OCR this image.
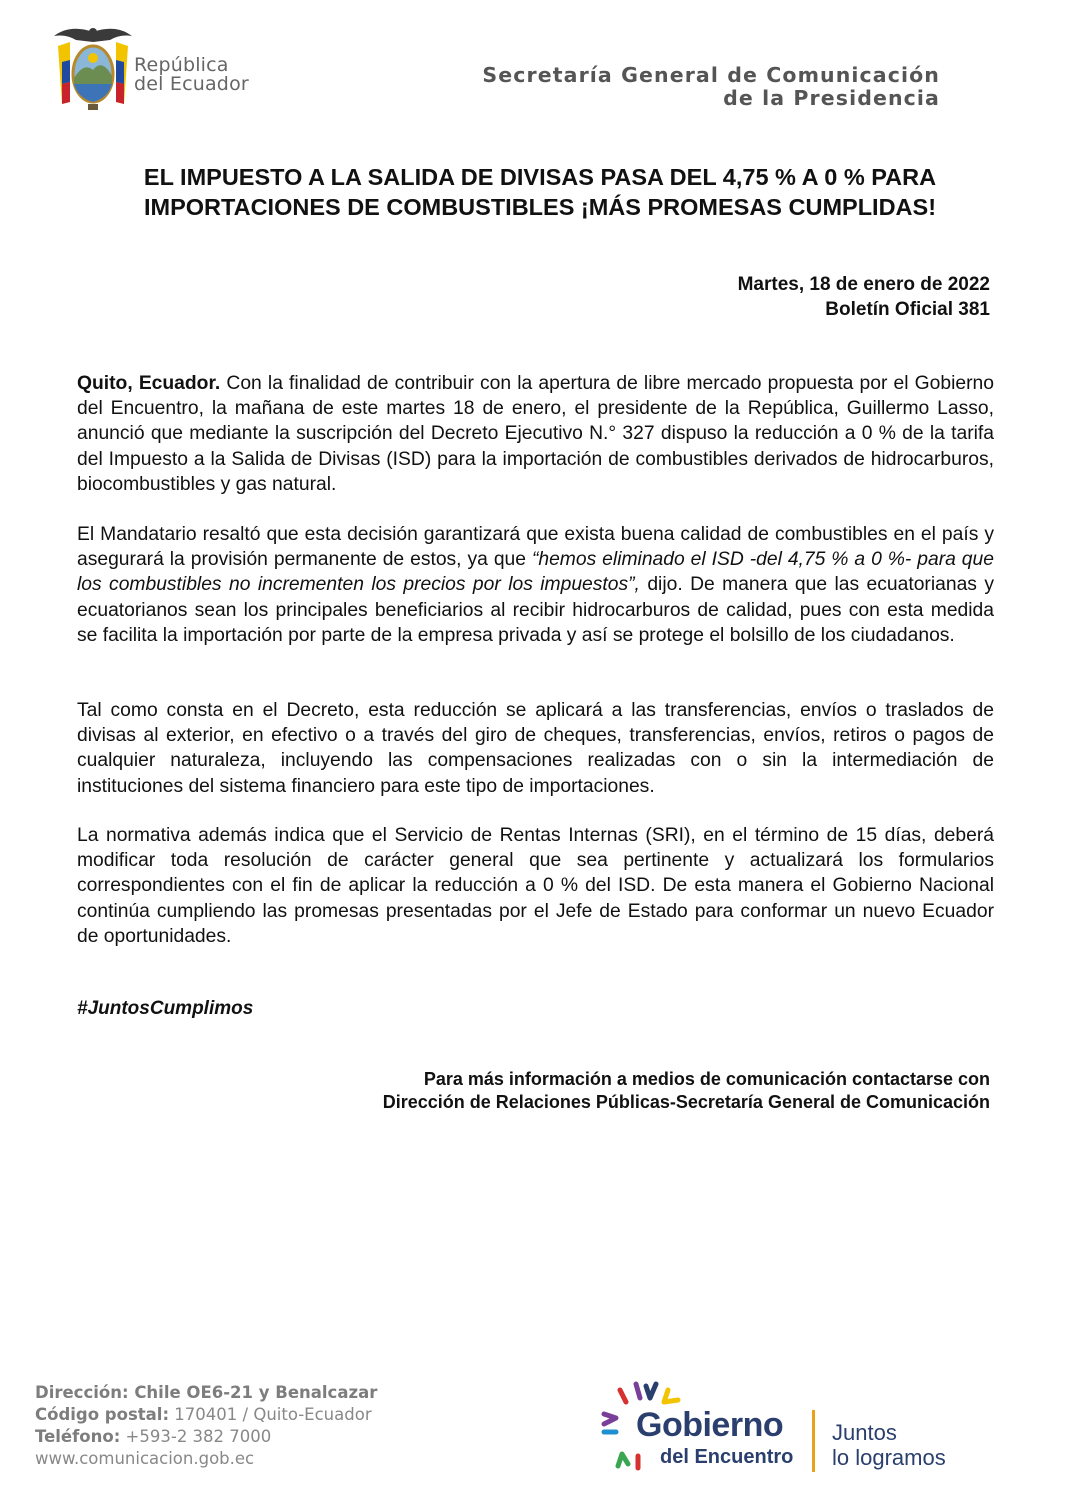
República
del Ecuador	Secretaría General de Comunicación
de la Presidencia
EL IMPUESTO A LA SALIDA DE DIVISAS PASA DEL 4,75 % A 0 % PARA
IMPORTACIONES DE COMBUSTIBLES ¡MÁS PROMESAS CUMPLIDAS!
Martes, 18 de enero de 2022
Boletín Oficial 381
Quito, Ecuador. Con la finalidad de contribuir con la apertura de libre mercado propuesta por el Gobierno del Encuentro, la mañana de este martes 18 de enero, el presidente de la República, Guillermo Lasso, anunció que mediante la suscripción del Decreto Ejecutivo N.° 327 dispuso la reducción a 0 % de la tarifa del Impuesto a la Salida de Divisas (ISD) para la importación de combustibles derivados de hidrocarburos, biocombustibles y gas natural.
El Mandatario resaltó que esta decisión garantizará que exista buena calidad de combustibles en el país y asegurará la provisión permanente de estos, ya que “hemos eliminado el ISD -del 4,75 % a 0 %- para que los combustibles no incrementen los precios por los impuestos”, dijo. De manera que las ecuatorianas y ecuatorianos sean los principales beneficiarios al recibir hidrocarburos de calidad, pues con esta medida se facilita la importación por parte de la empresa privada y así se protege el bolsillo de los ciudadanos.
Tal como consta en el Decreto, esta reducción se aplicará a las transferencias, envíos o traslados de divisas al exterior, en efectivo o a través del giro de cheques, transferencias, envíos, retiros o pagos de cualquier naturaleza, incluyendo las compensaciones realizadas con o sin la intermediación de instituciones del sistema financiero para este tipo de importaciones.
La normativa además indica que el Servicio de Rentas Internas (SRI), en el término de 15 días, deberá modificar toda resolución de carácter general que sea pertinente y actualizará los formularios correspondientes con el fin de aplicar la reducción a 0 % del ISD. De esta manera el Gobierno Nacional continúa cumpliendo las promesas presentadas por el Jefe de Estado para conformar un nuevo Ecuador de oportunidades.
#JuntosCumplimos
Para más información a medios de comunicación contactarse con
Dirección de Relaciones Públicas-Secretaría General de Comunicación
Dirección: Chile OE6-21 y Benalcazar
Código postal: 170401 / Quito-Ecuador
Teléfono: +593-2 382 7000
www.comunicacion.gob.ec
Gobierno
del Encuentro
Juntos
lo logramos
